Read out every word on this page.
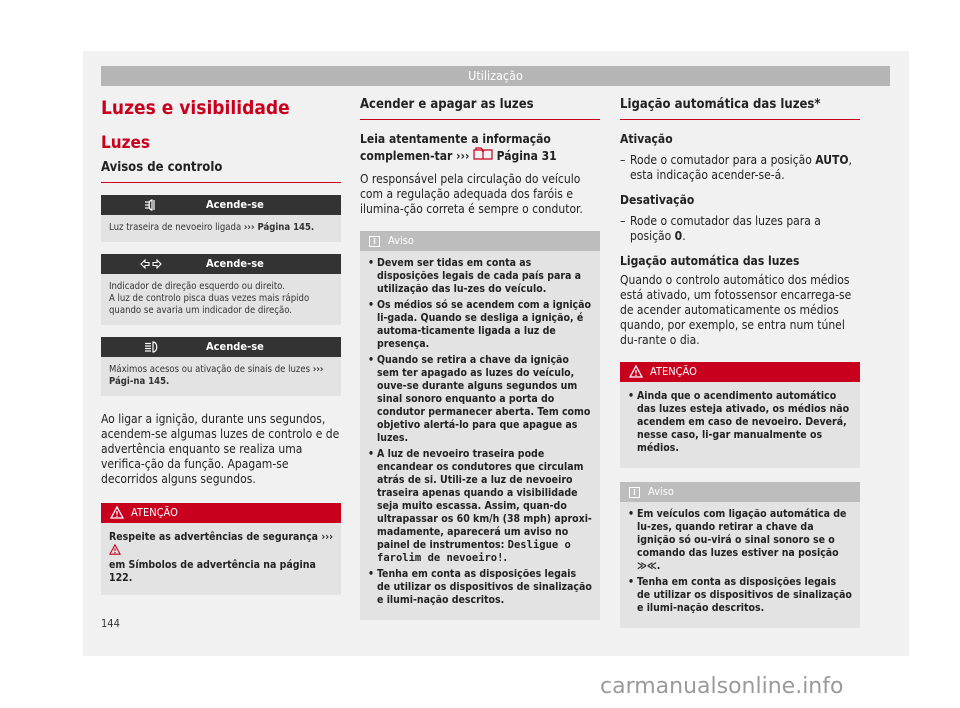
Utilização
Luzes e visibilidade
Luzes
Avisos de controlo
Acende-se
Luz traseira de nevoeiro ligada ››› Página 145.
Acende-se
Indicador de direção esquerdo ou direito.
A luz de controlo pisca duas vezes mais rápido quando se avaria um indicador de direção.
Acende-se
Máximos acesos ou ativação de sinais de luzes ››› Pági-na 145.

Ao ligar a ignição, durante uns segundos, acendem-se algumas luzes de controlo e de advertência enquanto se realiza uma verifica-ção da função. Apagam-se decorridos alguns segundos.

ATENÇÃO
Respeite as advertências de segurança ›››
em Símbolos de advertência na página 122.
Acender e apagar as luzes

Leia atentamente a informação complemen-tar ›››  Página 31

O responsável pela circulação do veículo com a regulação adequada dos faróis e ilumina-ção correta é sempre o condutor.

i	Aviso
• Devem ser tidas em conta as disposições legais de cada país para a utilização das lu-zes do veículo.
• Os médios só se acendem com a ignição li-gada. Quando se desliga a ignição, é automa-ticamente ligada a luz de presença.
• Quando se retira a chave da ignição sem ter apagado as luzes do veículo, ouve-se durante alguns segundos um sinal sonoro enquanto a porta do condutor permanecer aberta. Tem como objetivo alertá-lo para que apague as luzes.
• A luz de nevoeiro traseira pode encandear os condutores que circulam atrás de si. Utili-ze a luz de nevoeiro traseira apenas quando a visibilidade seja muito escassa. Assim, quan-do ultrapassar os 60 km/h (38 mph) aproxi-madamente, aparecerá um aviso no painel de instrumentos: Desligue o farolim de nevoeiro!.
• Tenha em conta as disposições legais de utilizar os dispositivos de sinalização e ilumi-nação descritos.
Ligação automática das luzes*
Ativação
– Rode o comutador para a posição AUTO, esta indicação acender-se-á.
Desativação
– Rode o comutador das luzes para a posição 0.
Ligação automática das luzes

Quando o controlo automático dos médios está ativado, um fotossensor encarrega-se de acender automaticamente os médios quando, por exemplo, se entra num túnel du-rante o dia.

ATENÇÃO
• Ainda que o acendimento automático das luzes esteja ativado, os médios não acendem em caso de nevoeiro. Deverá, nesse caso, li-gar manualmente os médios.
i	Aviso
• Em veículos com ligação automática de lu-zes, quando retirar a chave da ignição só ou-virá o sinal sonoro se o comando das luzes estiver na posição ≫≪.
• Tenha em conta as disposições legais de utilizar os dispositivos de sinalização e ilumi-nação descritos.
144
carmanualsonline.info
